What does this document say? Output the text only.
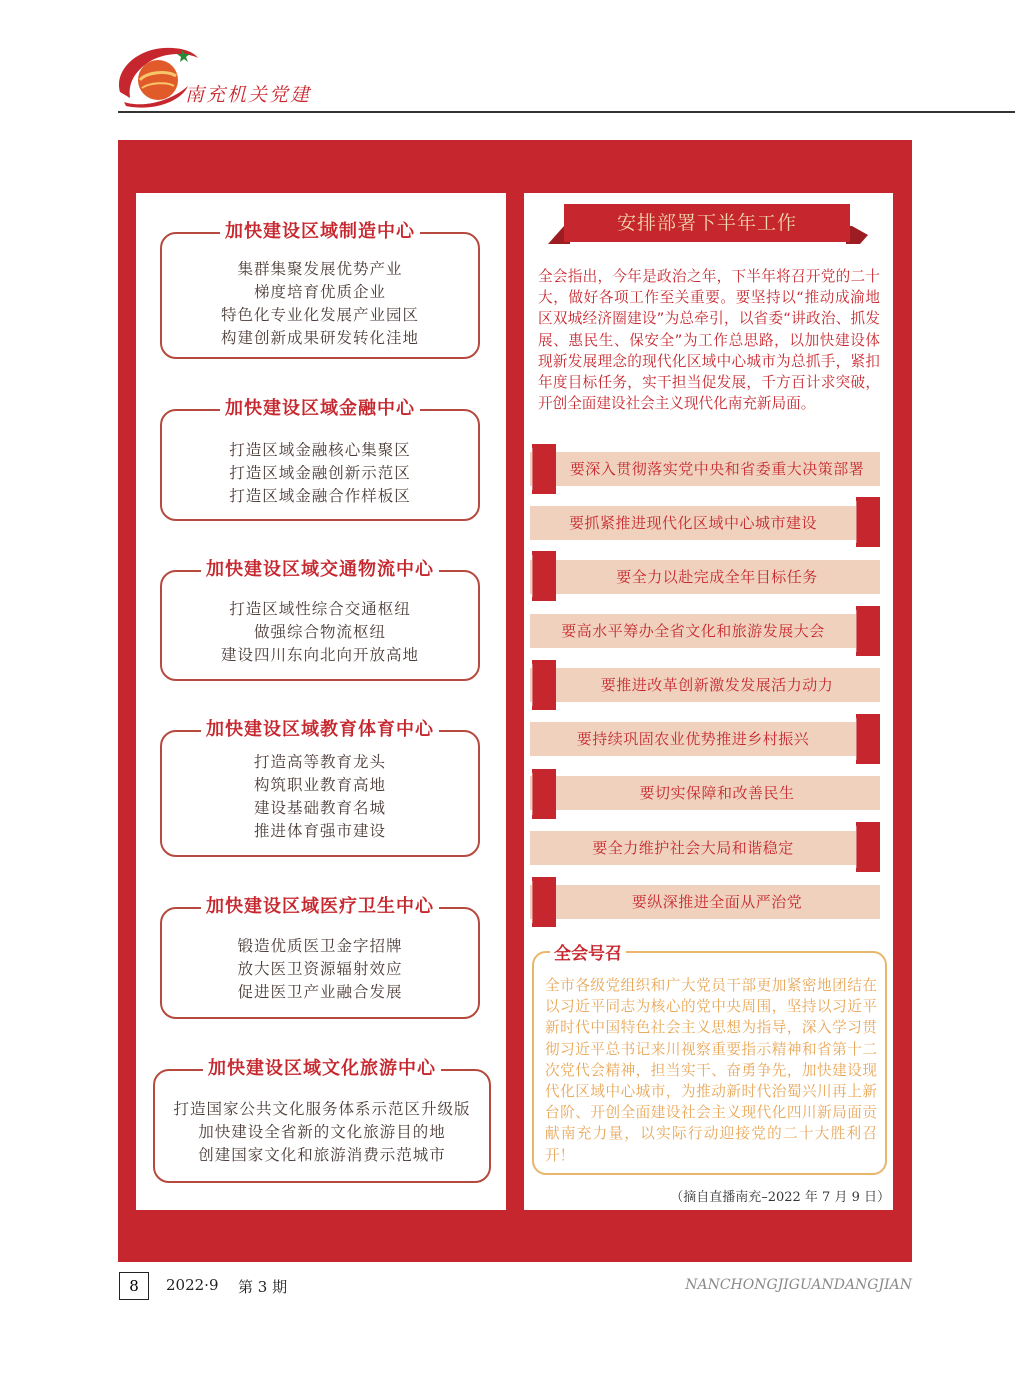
南充机关党建
加快建设区域制造中心
集群集聚发展优势产业
梯度培育优质企业
特色化专业化发展产业园区
构建创新成果研发转化洼地
加快建设区域金融中心
打造区域金融核心集聚区
打造区域金融创新示范区
打造区域金融合作样板区
加快建设区域交通物流中心
打造区域性综合交通枢纽
做强综合物流枢纽
建设四川东向北向开放高地
加快建设区域教育体育中心
打造高等教育龙头
构筑职业教育高地
建设基础教育名城
推进体育强市建设
加快建设区域医疗卫生中心
锻造优质医卫金字招牌
放大医卫资源辐射效应
促进医卫产业融合发展
加快建设区域文化旅游中心
打造国家公共文化服务体系示范区升级版
加快建设全省新的文化旅游目的地
创建国家文化和旅游消费示范城市
安排部署下半年工作
全会指出，今年是政治之年，下半年将召开党的二十大，做好各项工作至关重要。要坚持以“推动成渝地区双城经济圈建设”为总牵引，以省委“讲政治、抓发展、惠民生、保安全”为工作总思路，以加快建设体现新发展理念的现代化区域中心城市为总抓手，紧扣年度目标任务，实干担当促发展，千方百计求突破，开创全面建设社会主义现代化南充新局面。
要深入贯彻落实党中央和省委重大决策部署
要抓紧推进现代化区域中心城市建设
要全力以赴完成全年目标任务
要高水平筹办全省文化和旅游发展大会
要推进改革创新激发发展活力动力
要持续巩固农业优势推进乡村振兴
要切实保障和改善民生
要全力维护社会大局和谐稳定
要纵深推进全面从严治党
全会号召
全市各级党组织和广大党员干部更加紧密地团结在以习近平同志为核心的党中央周围，坚持以习近平新时代中国特色社会主义思想为指导，深入学习贯彻习近平总书记来川视察重要指示精神和省第十二次党代会精神，担当实干、奋勇争先，加快建设现代化区域中心城市，为推动新时代治蜀兴川再上新台阶、开创全面建设社会主义现代化四川新局面贡献南充力量，以实际行动迎接党的二十大胜利召开！
（摘自直播南充–2022 年 7 月 9 日）
8	2022·9 第 3 期	NANCHONGJIGUANDANGJIAN
